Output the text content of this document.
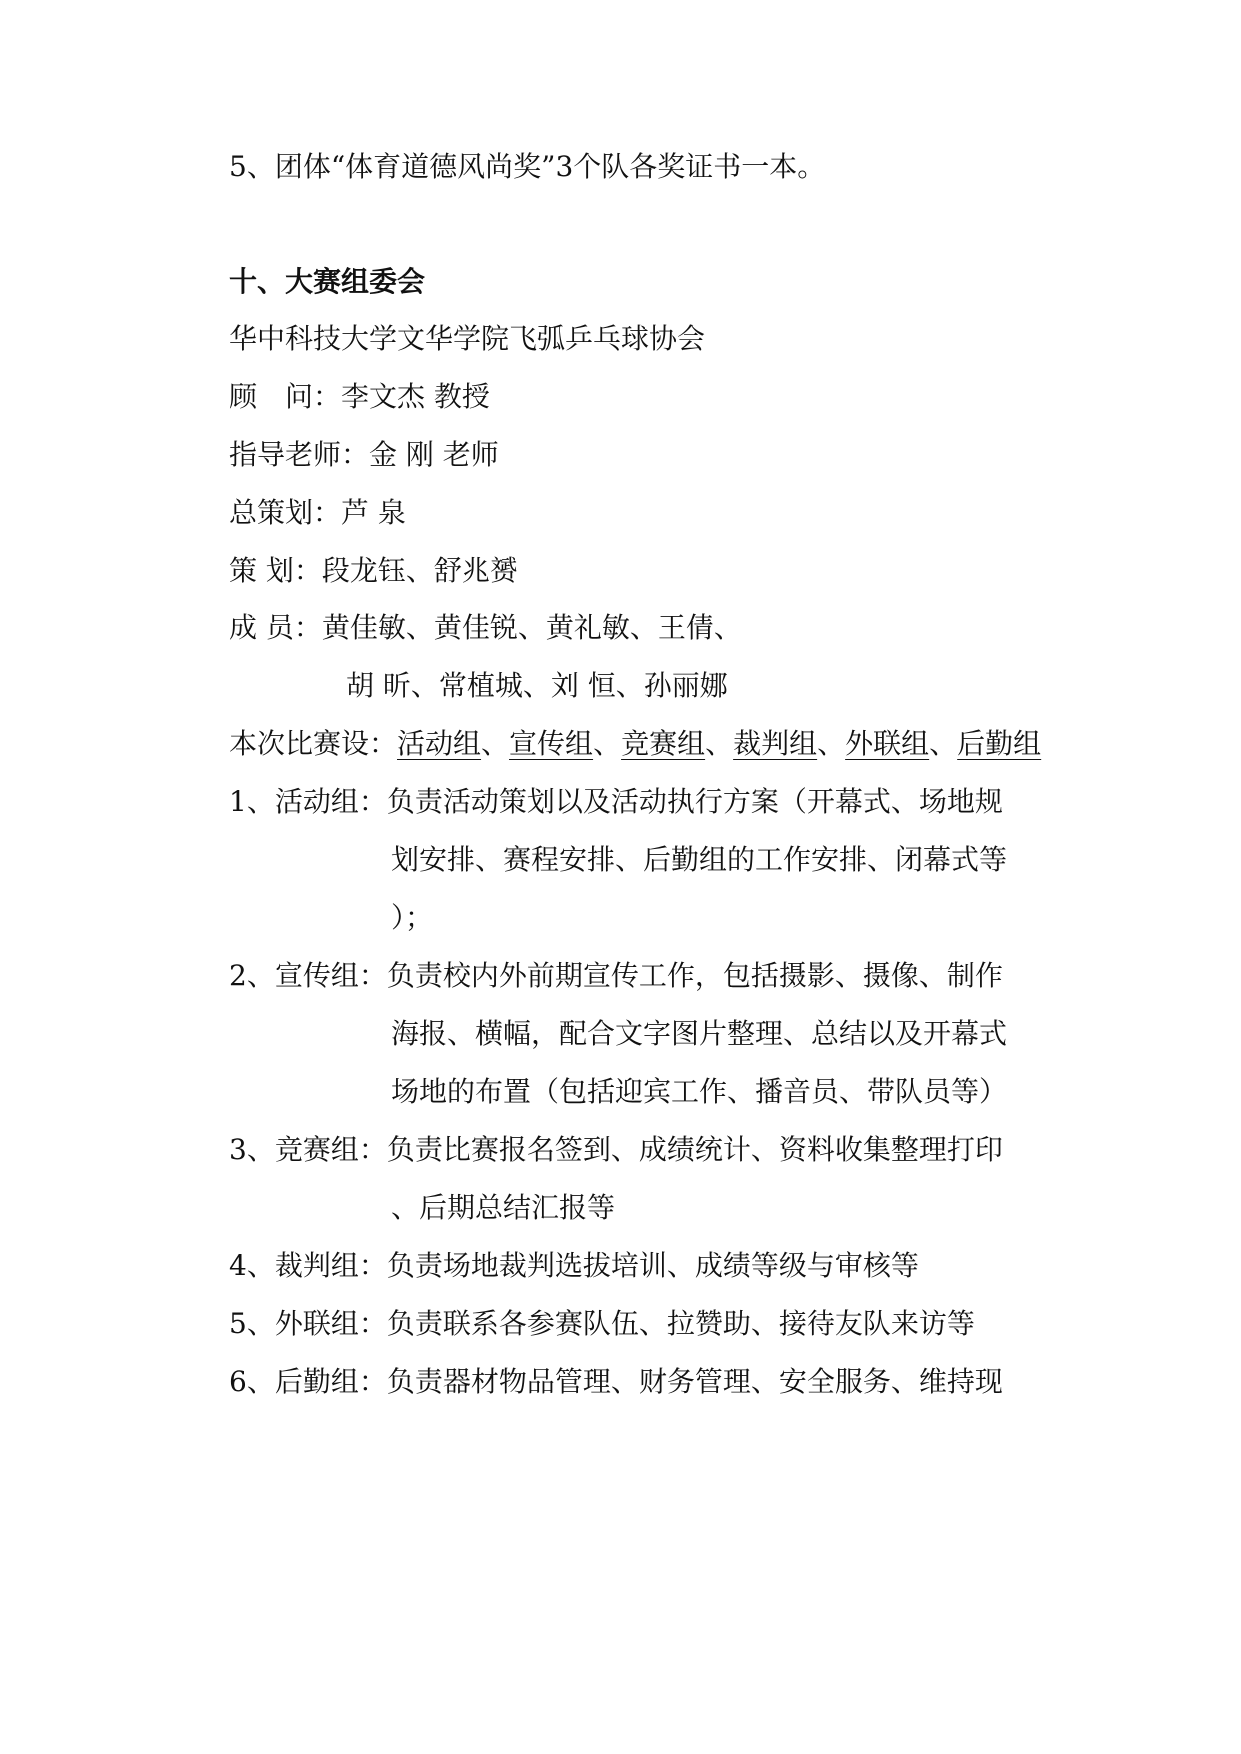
5、团体“体育道德风尚奖”3个队各奖证书一本。
十、大赛组委会
华中科技大学文华学院飞弧乒乓球协会
顾　问：李文杰 教授
指导老师：金 刚 老师
总策划：芦 泉
策 划：段龙钰、舒兆赟
成 员：黄佳敏、黄佳锐、黄礼敏、王倩、
胡 昕、常植城、刘 恒、孙丽娜
本次比赛设：活动组、宣传组、竞赛组、裁判组、外联组、后勤组
1、活动组：负责活动策划以及活动执行方案（开幕式、场地规
划安排、赛程安排、后勤组的工作安排、闭幕式等
）；
2、宣传组：负责校内外前期宣传工作，包括摄影、摄像、制作
海报、横幅，配合文字图片整理、总结以及开幕式
场地的布置（包括迎宾工作、播音员、带队员等）
3、竞赛组：负责比赛报名签到、成绩统计、资料收集整理打印
、后期总结汇报等
4、裁判组：负责场地裁判选拔培训、成绩等级与审核等
5、外联组：负责联系各参赛队伍、拉赞助、接待友队来访等
6、后勤组：负责器材物品管理、财务管理、安全服务、维持现
